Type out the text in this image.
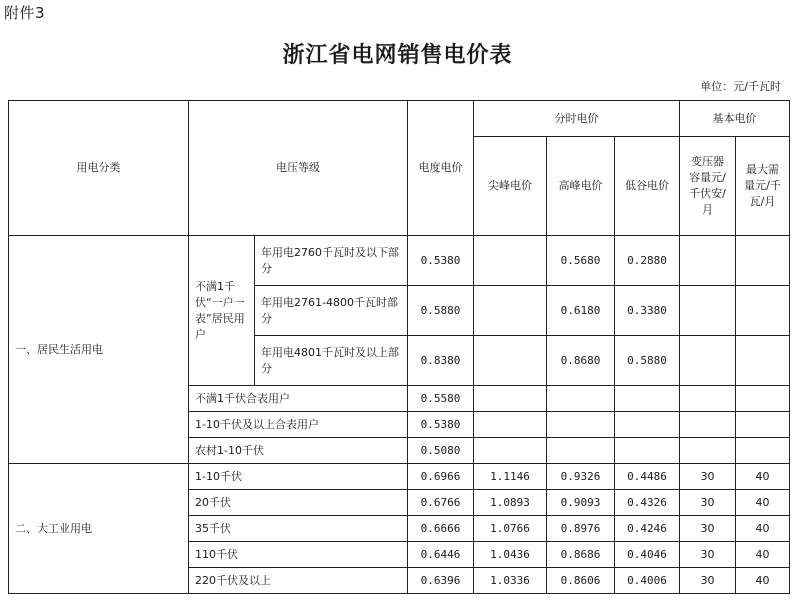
附件3
浙江省电网销售电价表
单位：元/千瓦时
用电分类	电压等级		电度电价	分时电价			基本电价	
				尖峰电价	高峰电价	低谷电价	变压器容量元/千伏安/月	最大需量元/千瓦/月
一、居民生活用电	不满1千伏“一户一表”居民用户	年用电2760千瓦时及以下部分	0.5380		0.5680	0.2880		
		年用电2761-4800千瓦时部分	0.5880		0.6180	0.3380		
		年用电4801千瓦时及以上部分	0.8380		0.8680	0.5880		
	不满1千伏合表用户		0.5580					
	1-10千伏及以上合表用户		0.5380					
	农村1-10千伏		0.5080					
二、大工业用电	1-10千伏		0.6966	1.1146	0.9326	0.4486	30	40
	20千伏		0.6766	1.0893	0.9093	0.4326	30	40
	35千伏		0.6666	1.0766	0.8976	0.4246	30	40
	110千伏		0.6446	1.0436	0.8686	0.4046	30	40
	220千伏及以上		0.6396	1.0336	0.8606	0.4006	30	40
